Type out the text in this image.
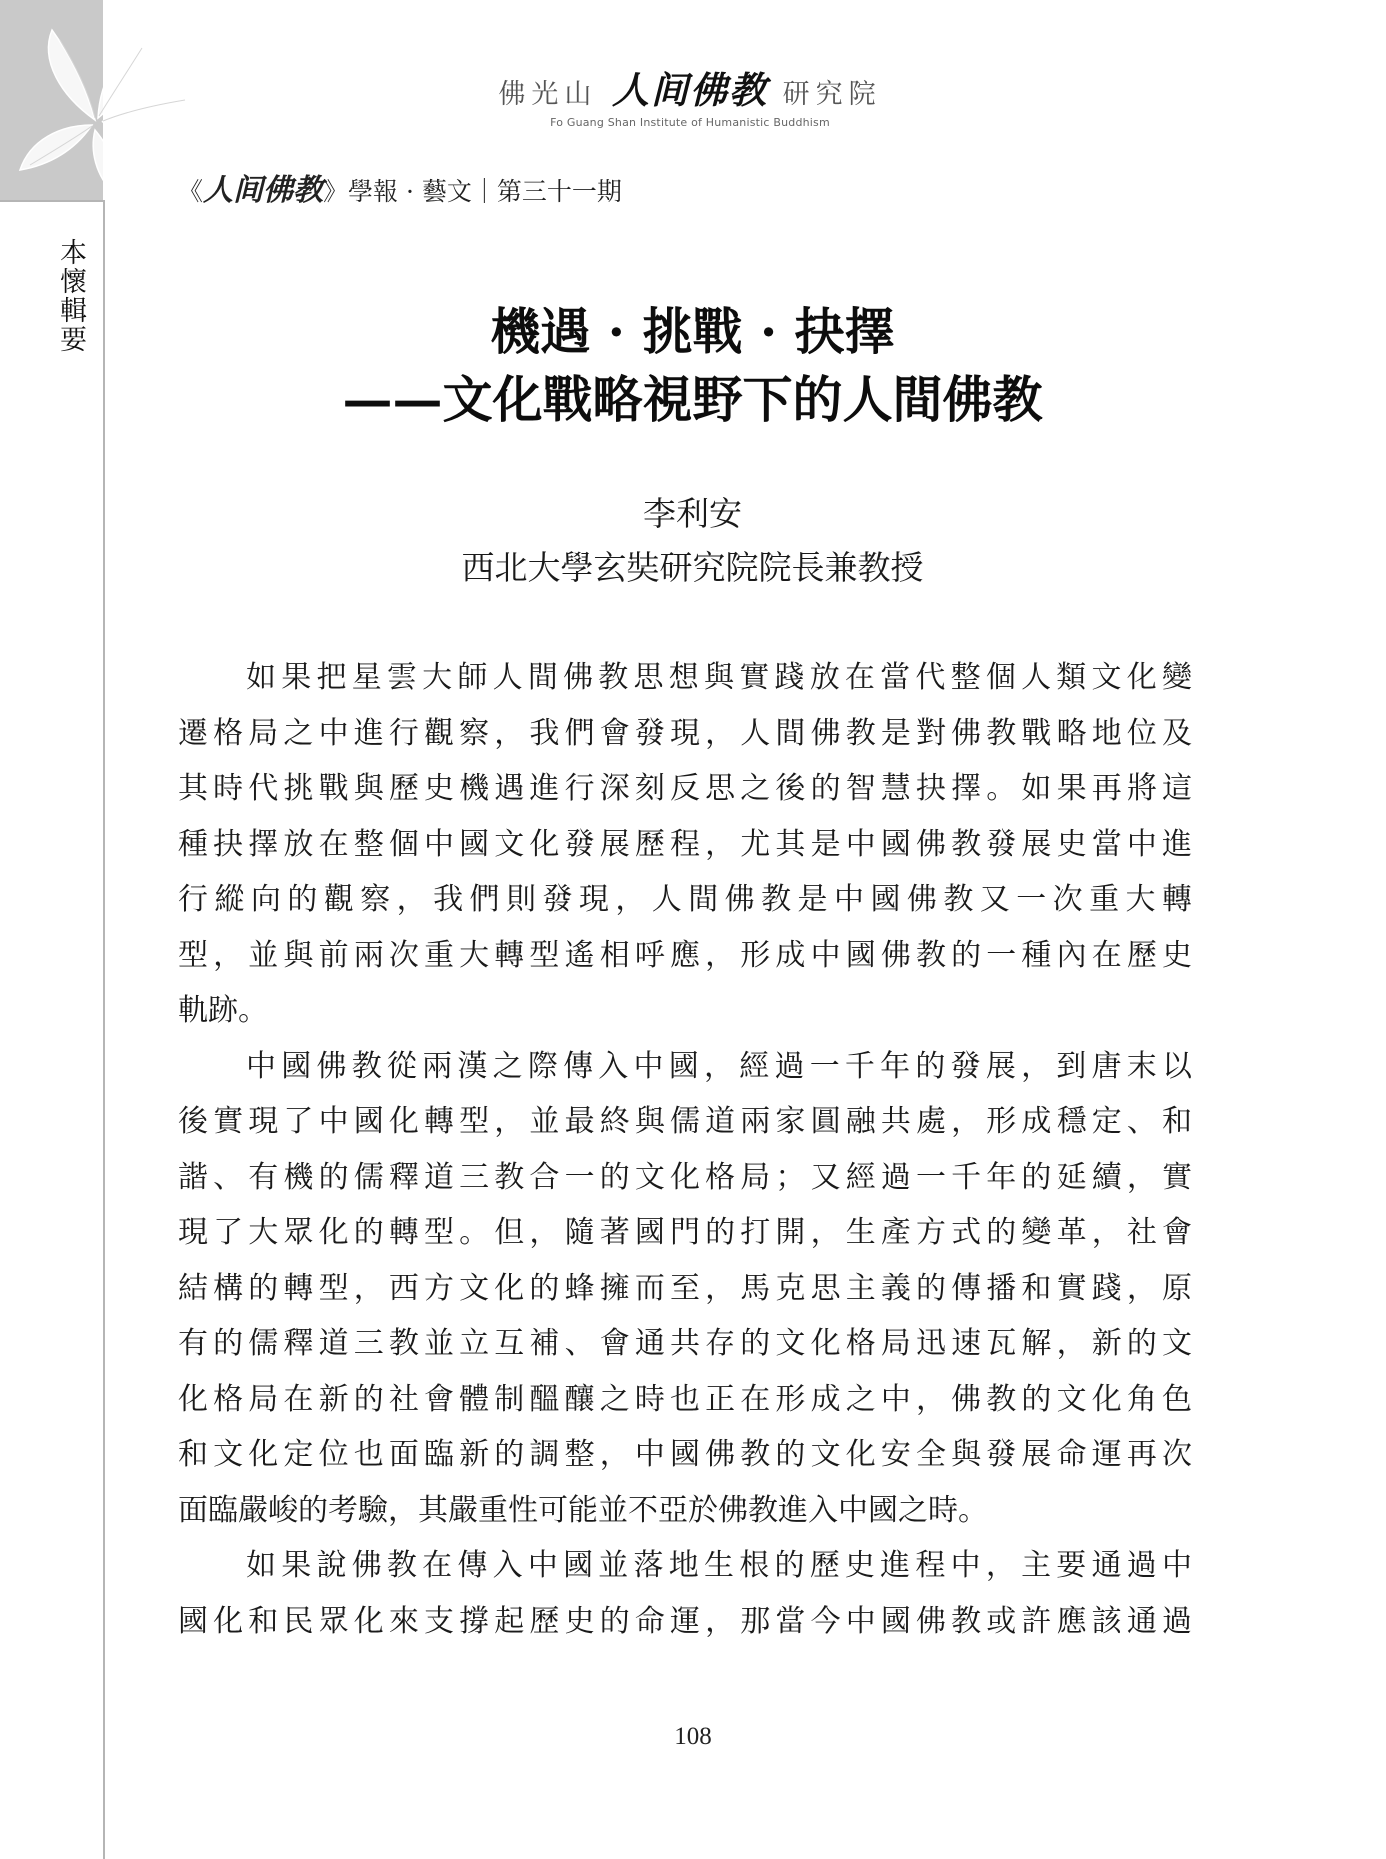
本懷輯要
佛光山 人间佛教 研究院
Fo Guang Shan Institute of Humanistic Buddhism
《人间佛教》學報 · 藝文｜第三十一期
機遇 · 挑戰 · 抉擇
——文化戰略視野下的人間佛教
李利安
西北大學玄奘研究院院長兼教授
如果把星雲大師人間佛教思想與實踐放在當代整個人類文化變
遷格局之中進行觀察，我們會發現，人間佛教是對佛教戰略地位及
其時代挑戰與歷史機遇進行深刻反思之後的智慧抉擇。如果再將這
種抉擇放在整個中國文化發展歷程，尤其是中國佛教發展史當中進
行縱向的觀察，我們則發現，人間佛教是中國佛教又一次重大轉
型，並與前兩次重大轉型遙相呼應，形成中國佛教的一種內在歷史
軌跡。
中國佛教從兩漢之際傳入中國，經過一千年的發展，到唐末以
後實現了中國化轉型，並最終與儒道兩家圓融共處，形成穩定、和
諧、有機的儒釋道三教合一的文化格局；又經過一千年的延續，實
現了大眾化的轉型。但，隨著國門的打開，生產方式的變革，社會
結構的轉型，西方文化的蜂擁而至，馬克思主義的傳播和實踐，原
有的儒釋道三教並立互補、會通共存的文化格局迅速瓦解，新的文
化格局在新的社會體制醞釀之時也正在形成之中，佛教的文化角色
和文化定位也面臨新的調整，中國佛教的文化安全與發展命運再次
面臨嚴峻的考驗，其嚴重性可能並不亞於佛教進入中國之時。
如果說佛教在傳入中國並落地生根的歷史進程中，主要通過中
國化和民眾化來支撐起歷史的命運，那當今中國佛教或許應該通過
108
